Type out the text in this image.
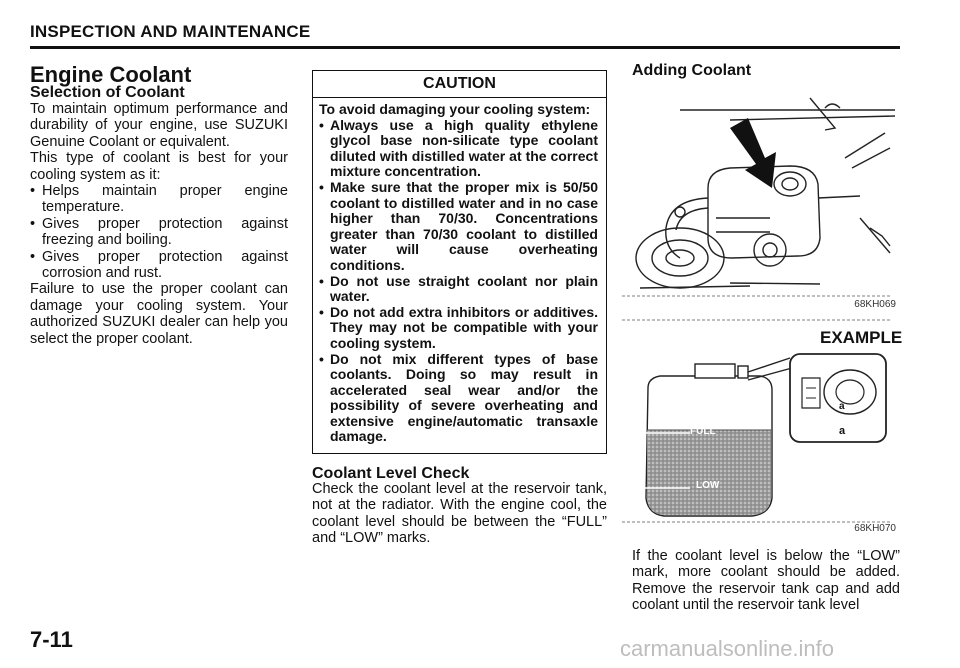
INSPECTION AND MAINTENANCE
Engine Coolant
Selection of Coolant

To maintain optimum performance and durability of your engine, use SUZUKI Genuine Coolant or equivalent.

This type of coolant is best for your cooling system as it:

• Helps maintain proper engine temperature.
• Gives proper protection against freezing and boiling.
• Gives proper protection against corrosion and rust.

Failure to use the proper coolant can damage your cooling system. Your authorized SUZUKI dealer can help you select the proper coolant.

CAUTION
To avoid damaging your cooling system:
• Always use a high quality ethylene glycol base non-silicate type coolant diluted with distilled water at the correct mixture concentration.
• Make sure that the proper mix is 50/50 coolant to distilled water and in no case higher than 70/30. Concentrations greater than 70/30 coolant to distilled water will cause overheating conditions.
• Do not use straight coolant nor plain water.
• Do not add extra inhibitors or additives. They may not be compatible with your cooling system.
• Do not mix different types of base coolants. Doing so may result in accelerated seal wear and/or the possibility of severe overheating and extensive engine/automatic transaxle damage.
Coolant Level Check
Check the coolant level at the reservoir tank, not at the radiator. With the engine cool, the coolant level should be between the “FULL” and “LOW” marks.
Adding Coolant
68KH069
a
a
EXAMPLE
FULL
LOW
68KH070
If the coolant level is below the “LOW” mark, more coolant should be added. Remove the reservoir tank cap and add coolant until the reservoir tank level
7-11	carmanualsonline.info
